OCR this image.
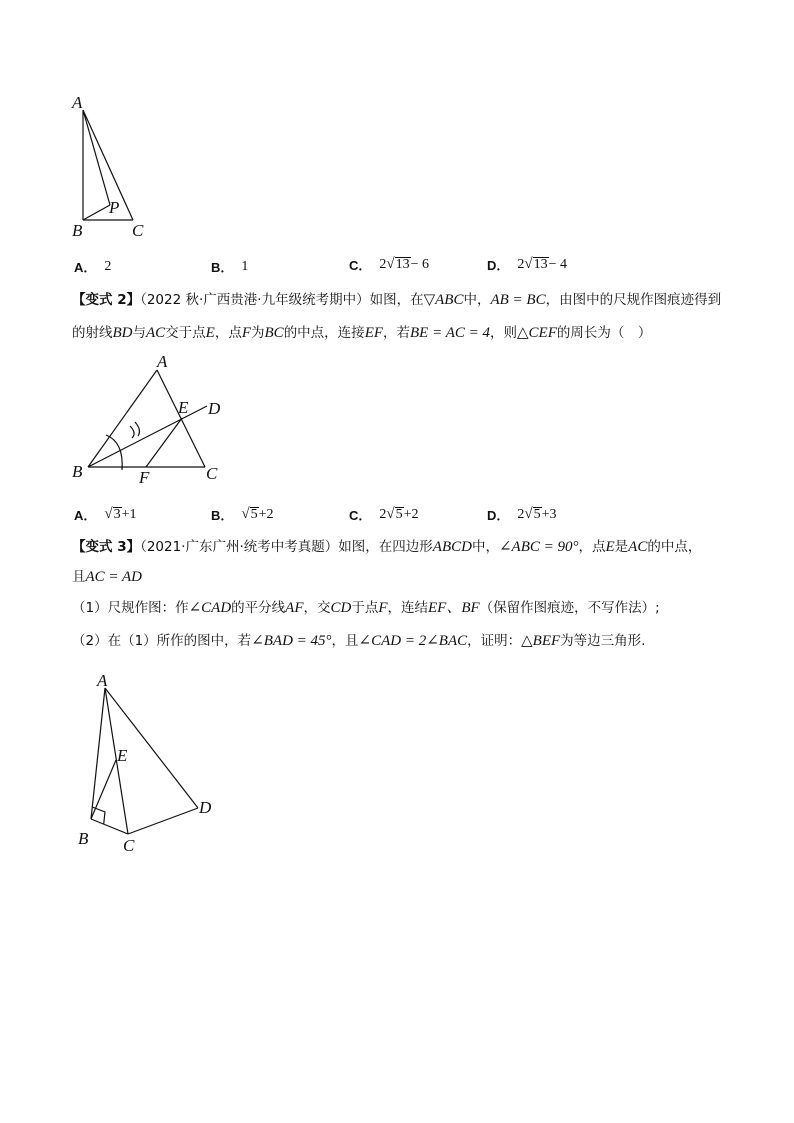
A
B	C
P
A． 2	B． 1	C． 2 √ 13 − 6	D． 2 √ 13 − 4
【变式 2】（2022 秋·广西贵港·九年级统考期中）如图，在▽ABC中，AB = BC，由图中的尺规作图痕迹得到
的射线BD与AC交于点E，点F为BC的中点，连接EF，若BE = AC = 4，则△CEF的周长为（　）
A
B	C
D
E
F
A． √ 3 +1	B． √ 5 +2	C． 2 √ 5 +2	D． 2 √ 5 +3
【变式 3】（2021·广东广州·统考中考真题）如图，在四边形ABCD中，∠ABC = 90°，点E是AC的中点，
且AC = AD
（1）尺规作图：作∠CAD的平分线AF，交CD于点F，连结EF、BF（保留作图痕迹，不写作法）;
（2）在（1）所作的图中，若∠BAD = 45°，且∠CAD = 2∠BAC，证明：△BEF为等边三角形.
A
B C
D
E
